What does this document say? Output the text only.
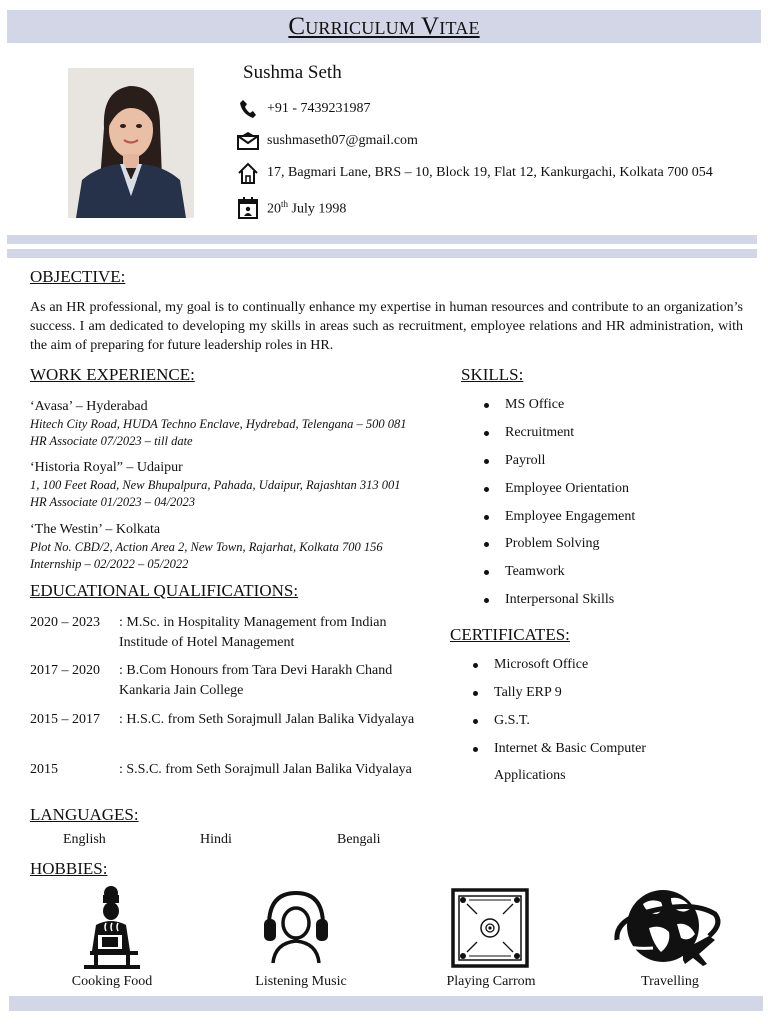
Curriculum Vitae
Sushma Seth
+91 - 7439231987
sushmaseth07@gmail.com
17, Bagmari Lane, BRS – 10, Block 19, Flat 12, Kankurgachi, Kolkata 700 054
20th July 1998
OBJECTIVE:
As an HR professional, my goal is to continually enhance my expertise in human resources and contribute to an organization’s success. I am dedicated to developing my skills in areas such as recruitment, employee relations and HR administration, with the aim of preparing for future leadership roles in HR.
WORK EXPERIENCE:
‘Avasa’ – Hyderabad
Hitech City Road, HUDA Techno Enclave, Hydrebad, Telengana – 500 081
HR Associate 07/2023 – till date
‘Historia Royal” – Udaipur
1, 100 Feet Road, New Bhupalpura, Pahada, Udaipur, Rajashtan 313 001
HR Associate 01/2023 – 04/2023
‘The Westin’ – Kolkata
Plot No. CBD/2, Action Area 2, New Town, Rajarhat, Kolkata 700 156
Internship – 02/2022 – 05/2022
EDUCATIONAL QUALIFICATIONS:
2020 – 2023	: M.Sc. in Hospitality Management from Indian Institude of Hotel Management
2017 – 2020	: B.Com Honours from Tara Devi Harakh Chand Kankaria Jain College
2015 – 2017	: H.S.C. from Seth Sorajmull Jalan Balika Vidyalaya
2015	: S.S.C. from Seth Sorajmull Jalan Balika Vidyalaya
SKILLS:
MS Office
Recruitment
Payroll
Employee Orientation
Employee Engagement
Problem Solving
Teamwork
Interpersonal Skills
CERTIFICATES:
Microsoft Office
Tally ERP 9
G.S.T.
Internet & Basic Computer
Applications
LANGUAGES:
English	Hindi	Bengali
HOBBIES:
Cooking Food	Listening Music	Playing Carrom	Travelling
